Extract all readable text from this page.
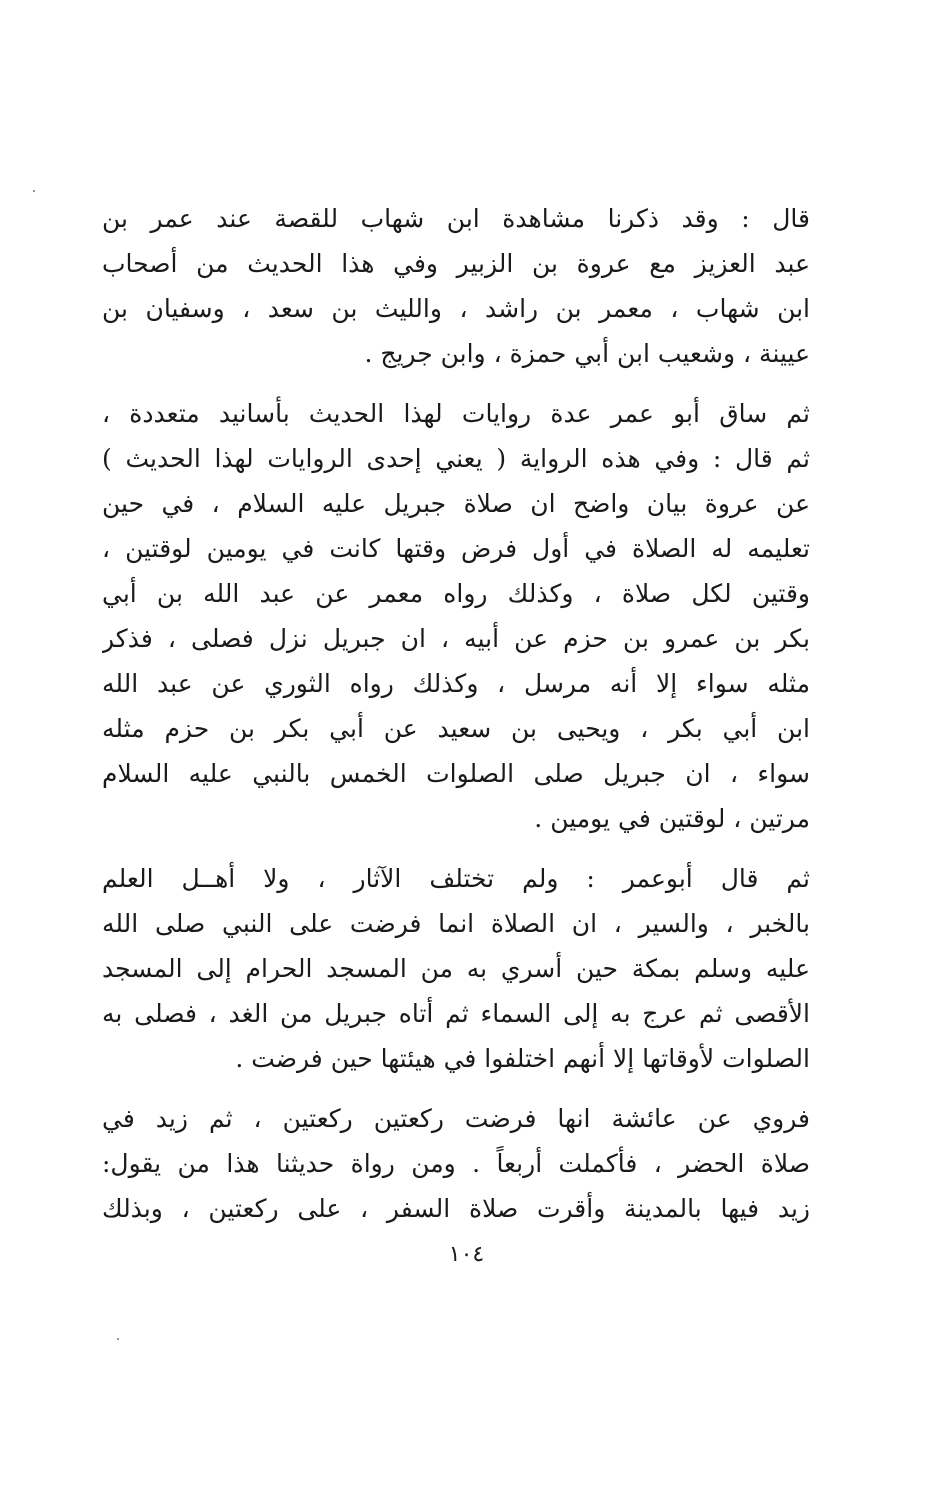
قال : وقد ذكرنا مشاهدة ابن شهاب للقصة عند عمر بن
عبد العزيز مع عروة بن الزبير وفي هذا الحديث من أصحاب
ابن شهاب ، معمر بن راشد ، والليث بن سعد ، وسفيان بن
عيينة ، وشعيب ابن أبي حمزة ، وابن جريج .
ثم ساق أبو عمر عدة روايات لهذا الحديث بأسانيد متعددة ،
ثم قال : وفي هذه الرواية ( يعني إحدى الروايات لهذا الحديث )
عن عروة بيان واضح ان صلاة جبريل عليه السلام ، في حين
تعليمه له الصلاة في أول فرض وقتها كانت في يومين لوقتين ،
وقتين لكل صلاة ، وكذلك رواه معمر عن عبد الله بن أبي
بكر بن عمرو بن حزم عن أبيه ، ان جبريل نزل فصلى ، فذكر
مثله سواء إلا أنه مرسل ، وكذلك رواه الثوري عن عبد الله
ابن أبي بكر ، ويحيى بن سعيد عن أبي بكر بن حزم مثله
سواء ، ان جبريل صلى الصلوات الخمس بالنبي عليه السلام
مرتين ، لوقتين في يومين .
ثم قال أبوعمر : ولم تختلف الآثار ، ولا أهــل العلم
بالخبر ، والسير ، ان الصلاة انما فرضت على النبي صلى الله
عليه وسلم بمكة حين أسري به من المسجد الحرام إلى المسجد
الأقصى ثم عرج به إلى السماء ثم أتاه جبريل من الغد ، فصلى به
الصلوات لأوقاتها إلا أنهم اختلفوا في هيئتها حين فرضت .
فروي عن عائشة انها فرضت ركعتين ركعتين ، ثم زيد في
صلاة الحضر ، فأكملت أربعاً . ومن رواة حديثنا هذا من يقول:
زيد فيها بالمدينة وأقرت صلاة السفر ، على ركعتين ، وبذلك
١٠٤
